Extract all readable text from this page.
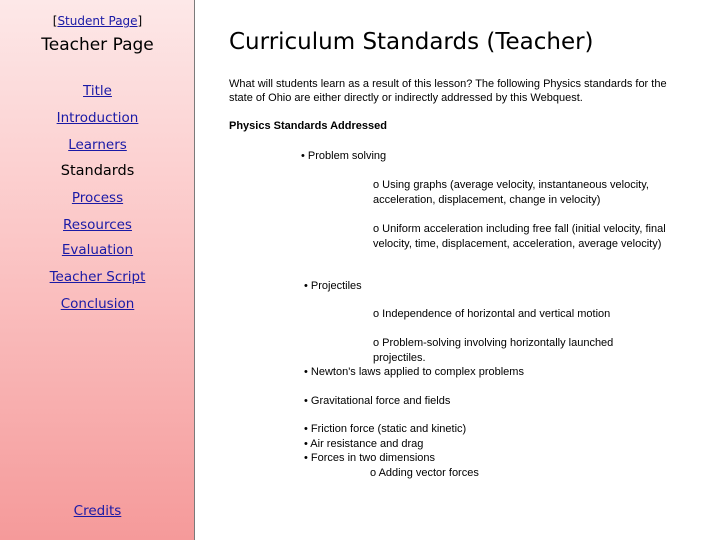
[Student Page]
Teacher Page
Title
Introduction
Learners
Standards
Process
Resources
Evaluation
Teacher Script
Conclusion
Credits
Curriculum Standards (Teacher)
What will students learn as a result of this lesson? The following Physics standards for the state of Ohio are either directly or indirectly addressed by this Webquest.
Physics Standards Addressed
• Problem solving
o Using graphs (average velocity, instantaneous velocity, acceleration, displacement, change in velocity)
o Uniform acceleration including free fall (initial velocity, final velocity, time, displacement, acceleration, average velocity)
• Projectiles
o Independence of horizontal and vertical motion
o Problem-solving involving horizontally launched projectiles.
• Newton's laws applied to complex problems
• Gravitational force and fields
• Friction force (static and kinetic)
• Air resistance and drag
• Forces in two dimensions
o Adding vector forces
